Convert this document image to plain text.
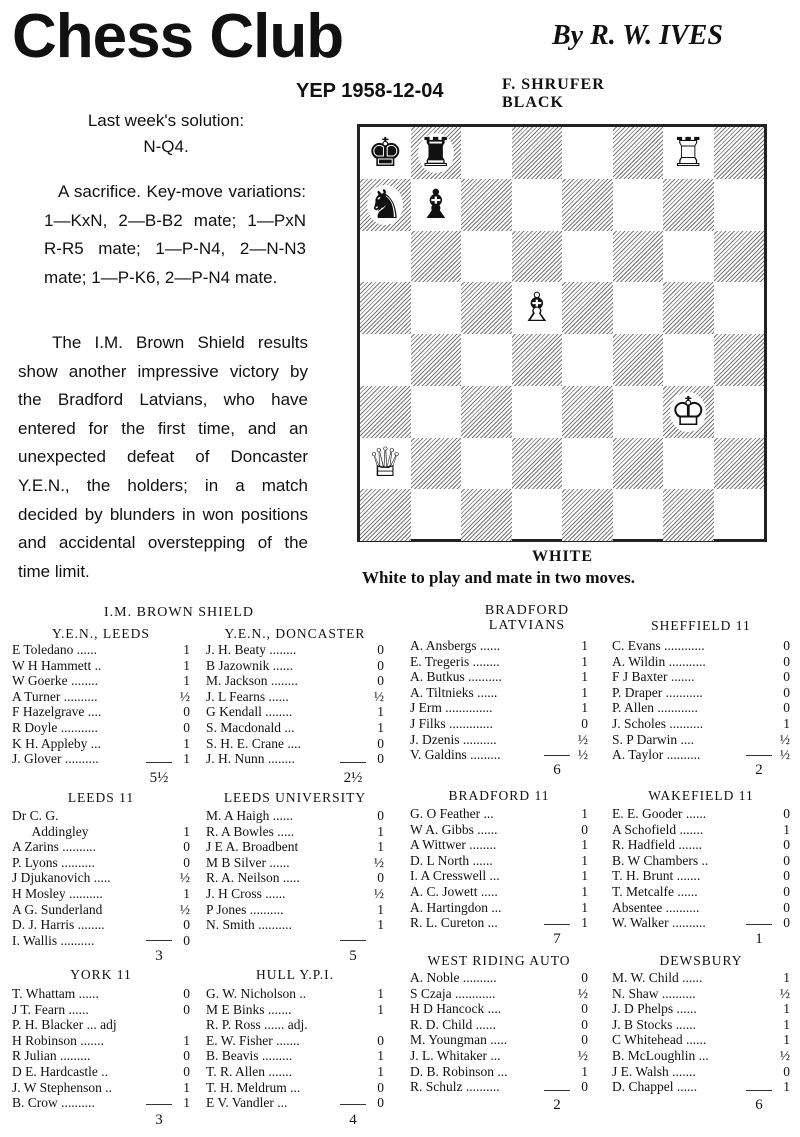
Chess Club	By R. W. IVES
YEP 1958-12-04	F. SHRUFER
BLACK
Last week's solution:
N-Q4.
A sacrifice. Key-move variations: 1—KxN, 2—B-B2 mate; 1—PxN R-R5 mate; 1—P-N4, 2—N-N3 mate; 1—P-K6, 2—P-N4 mate.
The I.M. Brown Shield results show another impressive victory by the Bradford Latvians, who have entered for the first time, and an unexpected defeat of Doncaster Y.E.N., the holders; in a match decided by blunders in won positions and accidental overstepping of the time limit.
♚ ♜	♖
♞ ♝
♗
♔
♕
WHITE
White to play and mate in two moves.
I.M. BROWN SHIELD	BRADFORD
LATVIANS
Y.E.N., LEEDS
E Toledano ......	1
W H Hammett ..	1
W Goerke ........	1
A Turner ..........	½
F Hazelgrave ....	0
R Doyle ...........	0
K H. Appleby ...	1
J. Glover ..........	1
5½
Y.E.N., DONCASTER
J. H. Beaty ........	0
B Jazownik ......	0
M. Jackson ........	0
J. L Fearns ......	½
G Kendall ........	1
S. Macdonald ...	1
S. H. E. Crane ....	0
J. H. Nunn ........	0
2½
A. Ansbergs ......	1
E. Tregeris ........	1
A. Butkus ..........	1
A. Tiltnieks ......	1
J Erm ..............	1
J Filks .............	0
J. Dzenis ..........	½
V. Galdins .........	½
6
SHEFFIELD 11
C. Evans ............	0
A. Wildin ...........	0
F J Baxter .......	0
P. Draper ...........	0
P. Allen ............	0
J. Scholes ..........	1
S. P Darwin ....	½
A. Taylor ..........	½
2
LEEDS 11
Dr C. G.
Addingley	1
A Zarins ..........	0
P. Lyons ..........	0
J Djukanovich .....	½
H Mosley ..........	1
A G. Sunderland	½
D. J. Harris ........	0
I. Wallis ..........	0
3
LEEDS UNIVERSITY
M. A Haigh ......	0
R. A Bowles .....	1
J E A. Broadbent	1
M B Silver ......	½
R. A. Neilson .....	0
J. H Cross ......	½
P Jones ..........	1
N. Smith ..........	1
5
BRADFORD 11
G. O Feather ...	1
W A. Gibbs ......	0
A Wittwer ........	1
D. L North ......	1
I. A Cresswell ...	1
A. C. Jowett .....	1
A. Hartingdon ...	1
R. L. Cureton ...	1
7
WAKEFIELD 11
E. E. Gooder ......	0
A Schofield .......	1
R. Hadfield .......	0
B. W Chambers ..	0
T. H. Brunt .......	0
T. Metcalfe ......	0
Absentee ..........	0
W. Walker ..........	0
1
YORK 11
T. Whattam ......	0
J T. Fearn ......	0
P. H. Blacker ... adj
H Robinson .......	1
R Julian .........	0
D E. Hardcastle ..	0
J. W Stephenson ..	1
B. Crow ..........	1
3
HULL Y.P.I.
G. W. Nicholson ..	1
M E Binks .......	1
R. P. Ross ...... adj.
E. W. Fisher .......	0
B. Beavis .........	1
T. R. Allen .......	1
T. H. Meldrum ...	0
E V. Vandler ...	0
4
WEST RIDING AUTO
A. Noble ..........	0
S Czaja ............	½
H D Hancock ....	0
R. D. Child ......	0
M. Youngman .....	0
J. L. Whitaker ...	½
D. B. Robinson ...	1
R. Schulz ..........	0
2
DEWSBURY
M. W. Child ......	1
N. Shaw ..........	½
J. D Phelps ......	1
J. B Stocks ......	1
C Whitehead ......	1
B. McLoughlin ...	½
J E. Walsh .......	0
D. Chappel ......	1
6
